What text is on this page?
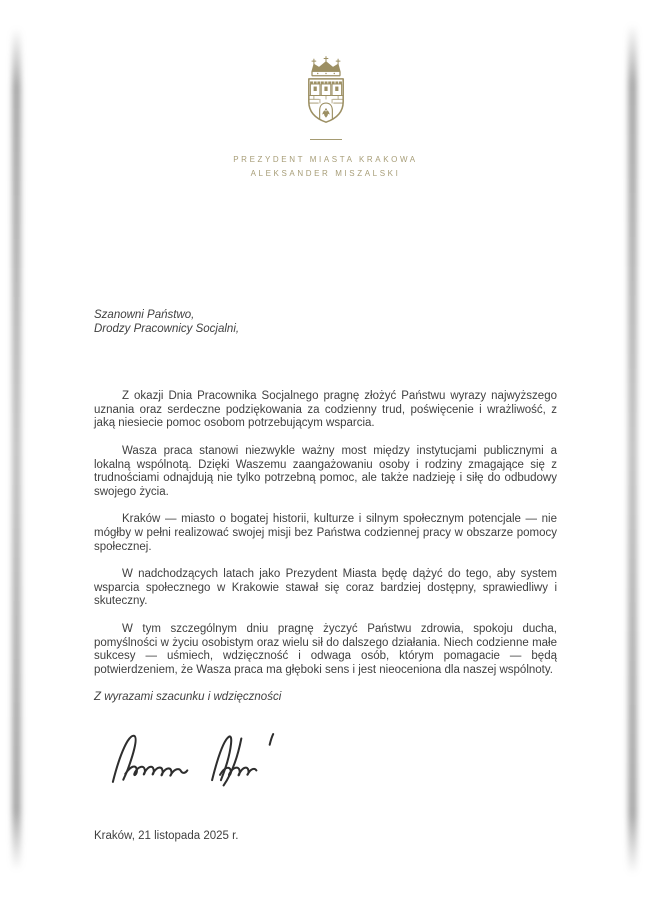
PREZYDENT MIASTA KRAKOWA
ALEKSANDER MISZALSKI
Szanowni Państwo,
Drodzy Pracownicy Socjalni,

Z okazji Dnia Pracownika Socjalnego pragnę złożyć Państwu wyrazy najwyższego uznania oraz serdeczne podziękowania za codzienny trud, poświęcenie i wrażliwość, z jaką niesiecie pomoc osobom potrzebującym wsparcia.

Wasza praca stanowi niezwykle ważny most między instytucjami publicznymi a lokalną wspólnotą. Dzięki Waszemu zaangażowaniu osoby i rodziny zmagające się z trudnościami odnajdują nie tylko potrzebną pomoc, ale także nadzieję i siłę do odbudowy swojego życia.

Kraków — miasto o bogatej historii, kulturze i silnym społecznym potencjale — nie mógłby w pełni realizować swojej misji bez Państwa codziennej pracy w obszarze pomocy społecznej.

W nadchodzących latach jako Prezydent Miasta będę dążyć do tego, aby system wsparcia społecznego w Krakowie stawał się coraz bardziej dostępny, sprawiedliwy i skuteczny.

W tym szczególnym dniu pragnę życzyć Państwu zdrowia, spokoju ducha, pomyślności w życiu osobistym oraz wielu sił do dalszego działania. Niech codzienne małe sukcesy — uśmiech, wdzięczność i odwaga osób, którym pomagacie — będą potwierdzeniem, że Wasza praca ma głęboki sens i jest nieoceniona dla naszej wspólnoty.

Z wyrazami szacunku i wdzięczności

Kraków, 21 listopada 2025 r.
